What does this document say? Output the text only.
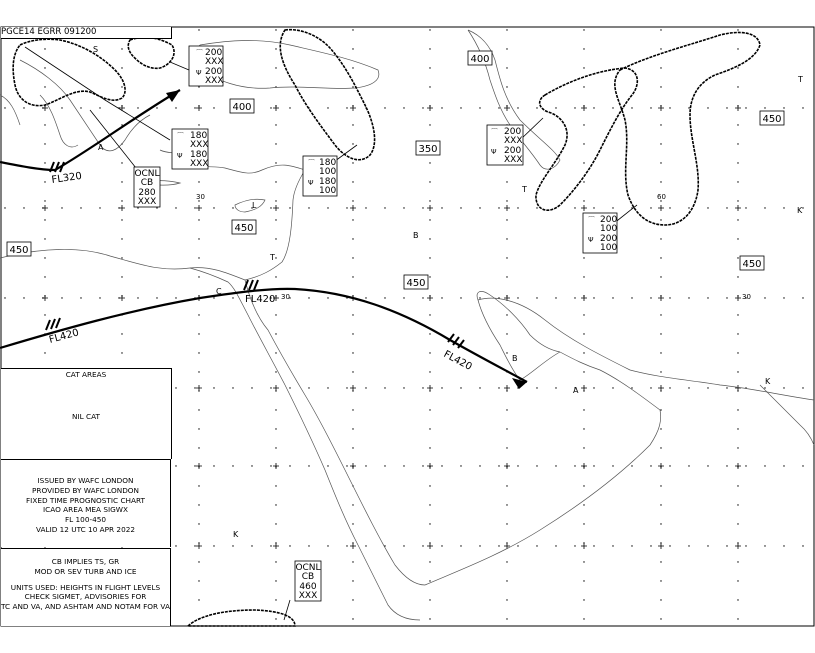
FL320
FL420
FL420
FL420
400
400
350
450
450
450
450
450
⌒
Ψ
200
XXX
200
XXX
⌒
Ψ
180
XXX
180
XXX	⌒
Ψ
180
100
180
100
⌒
Ψ
200
XXX
200
XXX
⌒
Ψ
200
100
200
100
OCNL
CB
280
XXX
OCNL
CB
460
XXX
S
A
L
T
T
B
T
K
B
A
K
C
K
30
30
60
30
PGCE14 EGRR 091200
CAT AREAS
NIL CAT
ISSUED BY WAFC LONDON
PROVIDED BY WAFC LONDON
FIXED TIME PROGNOSTIC CHART
ICAO AREA MEA SIGWX
FL 100-450
VALID 12 UTC 10 APR 2022
CB IMPLIES TS, GR
MOD OR SEV TURB AND ICE
UNITS USED: HEIGHTS IN FLIGHT LEVELS
CHECK SIGMET, ADVISORIES FOR
TC AND VA, AND ASHTAM AND NOTAM FOR VA
